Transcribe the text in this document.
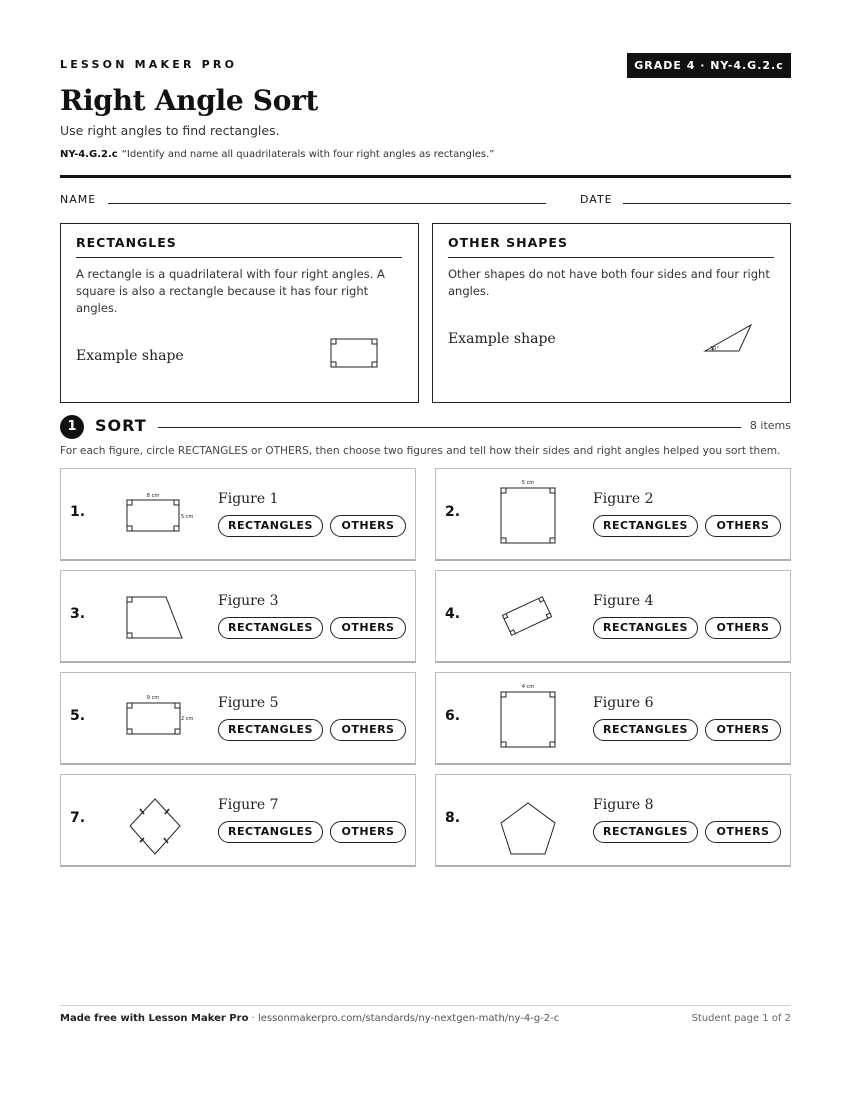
LESSON MAKER PRO	GRADE 4 · NY-4.G.2.c
Right Angle Sort
Use right angles to find rectangles.
NY-4.G.2.c “Identify and name all quadrilaterals with four right angles as rectangles.”
NAME	DATE
RECTANGLES
A rectangle is a quadrilateral with four right angles. A square is also a rectangle because it has four right angles.
Example shape
OTHER SHAPES
Other shapes do not have both four sides and four right angles.
Example shape
30°
1	SORT	8 items
For each figure, circle RECTANGLES or OTHERS, then choose two figures and tell how their sides and right angles helped you sort them.
1.
8 cm
5 cm
Figure 1
RECTANGLES	OTHERS
2.
5 cm
Figure 2
RECTANGLES	OTHERS
3.
Figure 3
RECTANGLES	OTHERS
4.
Figure 4
RECTANGLES	OTHERS
5.
9 cm
2 cm
Figure 5
RECTANGLES	OTHERS
6.
4 cm
Figure 6
RECTANGLES	OTHERS
7.
Figure 7
RECTANGLES	OTHERS
8.
Figure 8
RECTANGLES	OTHERS
Made free with Lesson Maker Pro · lessonmakerpro.com/standards/ny-nextgen-math/ny-4-g-2-c	Student page 1 of 2
